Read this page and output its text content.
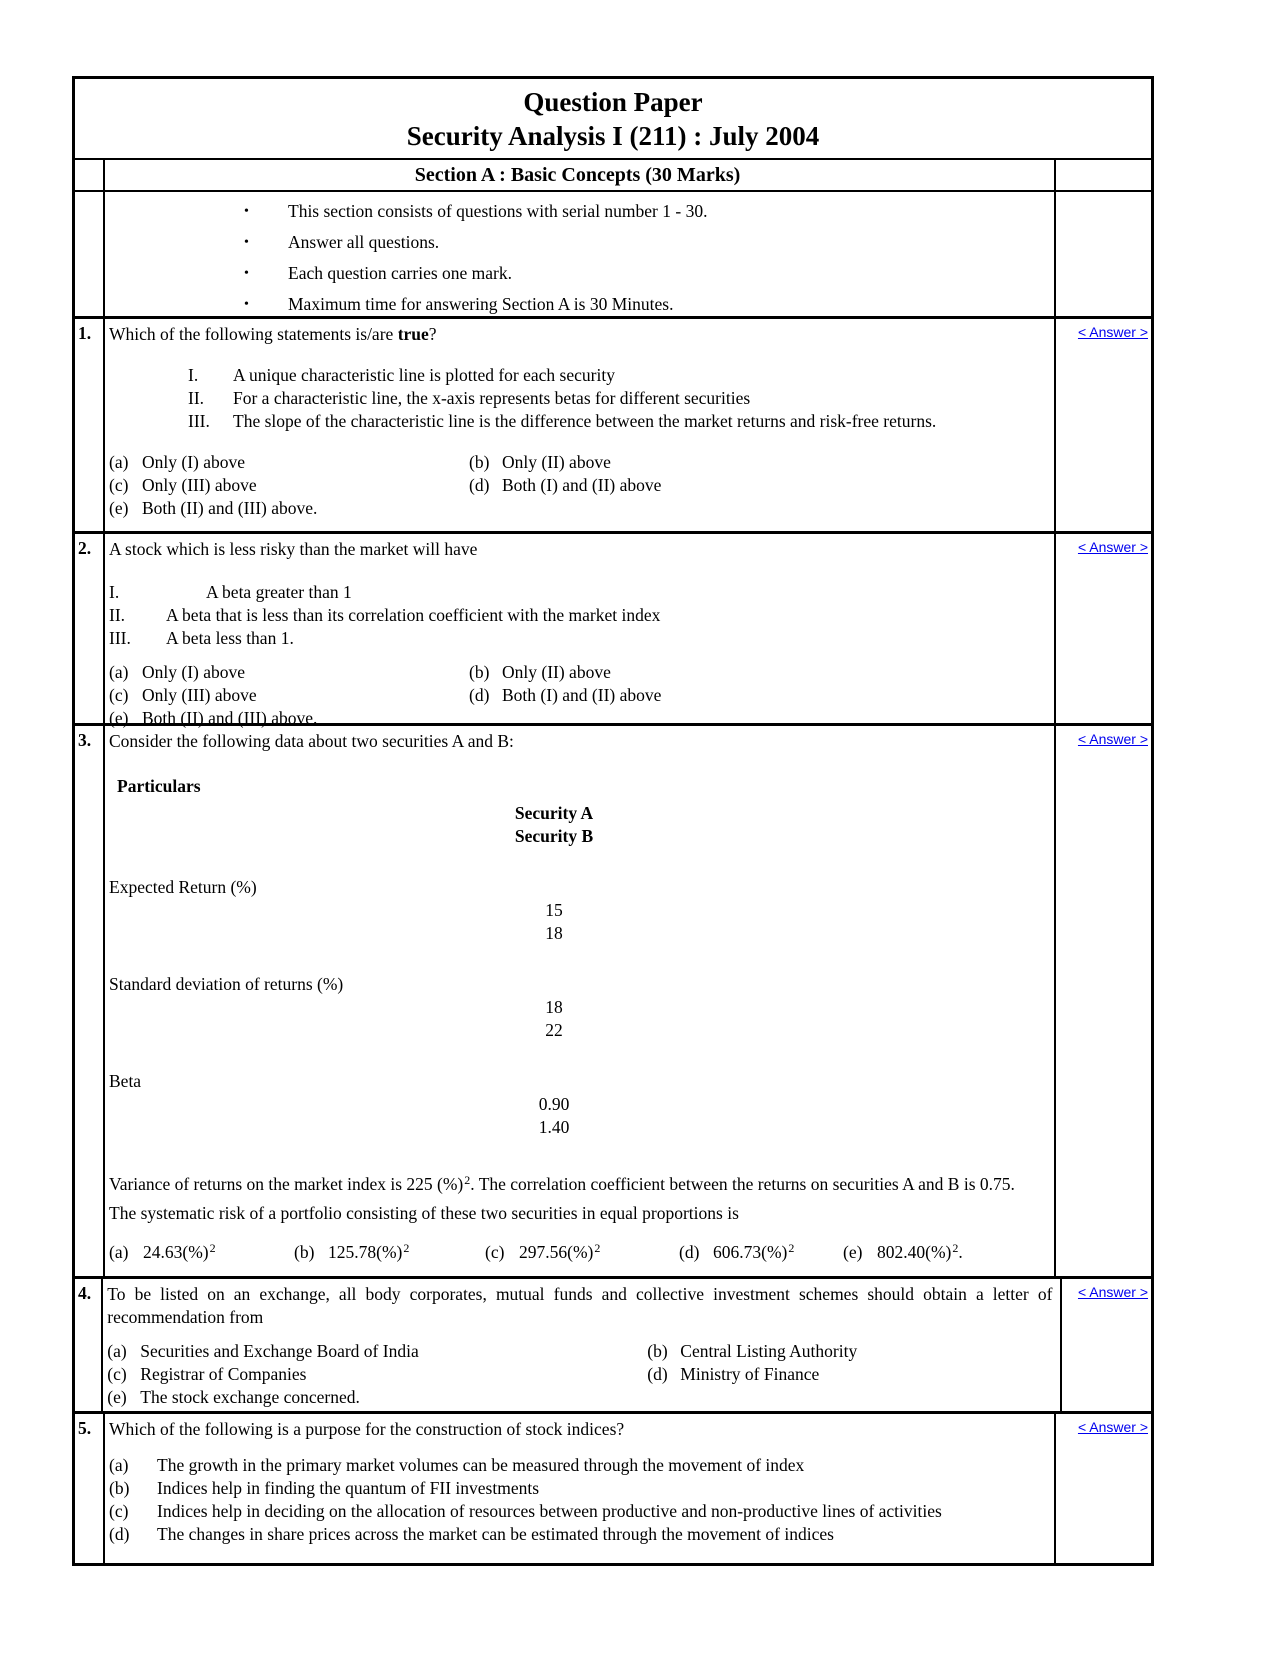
Question Paper
Security Analysis I (211) : July 2004
Section A : Basic Concepts (30 Marks)
•	This section consists of questions with serial number 1 - 30.
•	Answer all questions.
•	Each question carries one mark.
•	Maximum time for answering Section A is 30 Minutes.
1.	Which of the following statements is/are true?
I.	A unique characteristic line is plotted for each security
II.	For a characteristic line, the x-axis represents betas for different securities
III.	The slope of the characteristic line is the difference between the market returns and risk-free returns.
(a) Only (I) above	(b) Only (II) above
(c) Only (III) above	(d) Both (I) and (II) above
(e) Both (II) and (III) above.
< Answer >
2.	A stock which is less risky than the market will have
I.	A beta greater than 1
II.	A beta that is less than its correlation coefficient with the market index
III.	A beta less than 1.
(a) Only (I) above	(b) Only (II) above
(c) Only (III) above	(d) Both (I) and (II) above
(e) Both (II) and (III) above.
< Answer >
3.	Consider the following data about two securities A and B:
Particulars
Security A
Security B
Expected Return (%)
15
18
Standard deviation of returns (%)
18
22
Beta
0.90
1.40
Variance of returns on the market index is 225 (%)$^2$. The correlation coefficient between the returns on securities A and B is 0.75.
The systematic risk of a portfolio consisting of these two securities in equal proportions is
(a) 24.63(%)$^2$	(b) 125.78(%)$^2$	(c) 297.56(%)$^2$	(d) 606.73(%)$^2$	(e) 802.40(%)$^2$.
< Answer >
4. To be listed on an exchange, all body corporates, mutual funds and collective investment schemes should obtain a letter of recommendation from
(a) Securities and Exchange Board of India	(b) Central Listing Authority
(c) Registrar of Companies	(d) Ministry of Finance
(e) The stock exchange concerned.
< Answer >
5.	Which of the following is a purpose for the construction of stock indices?
(a)	The growth in the primary market volumes can be measured through the movement of index
(b)	Indices help in finding the quantum of FII investments
(c)	Indices help in deciding on the allocation of resources between productive and non-productive lines of activities
(d)	The changes in share prices across the market can be estimated through the movement of indices
< Answer >
